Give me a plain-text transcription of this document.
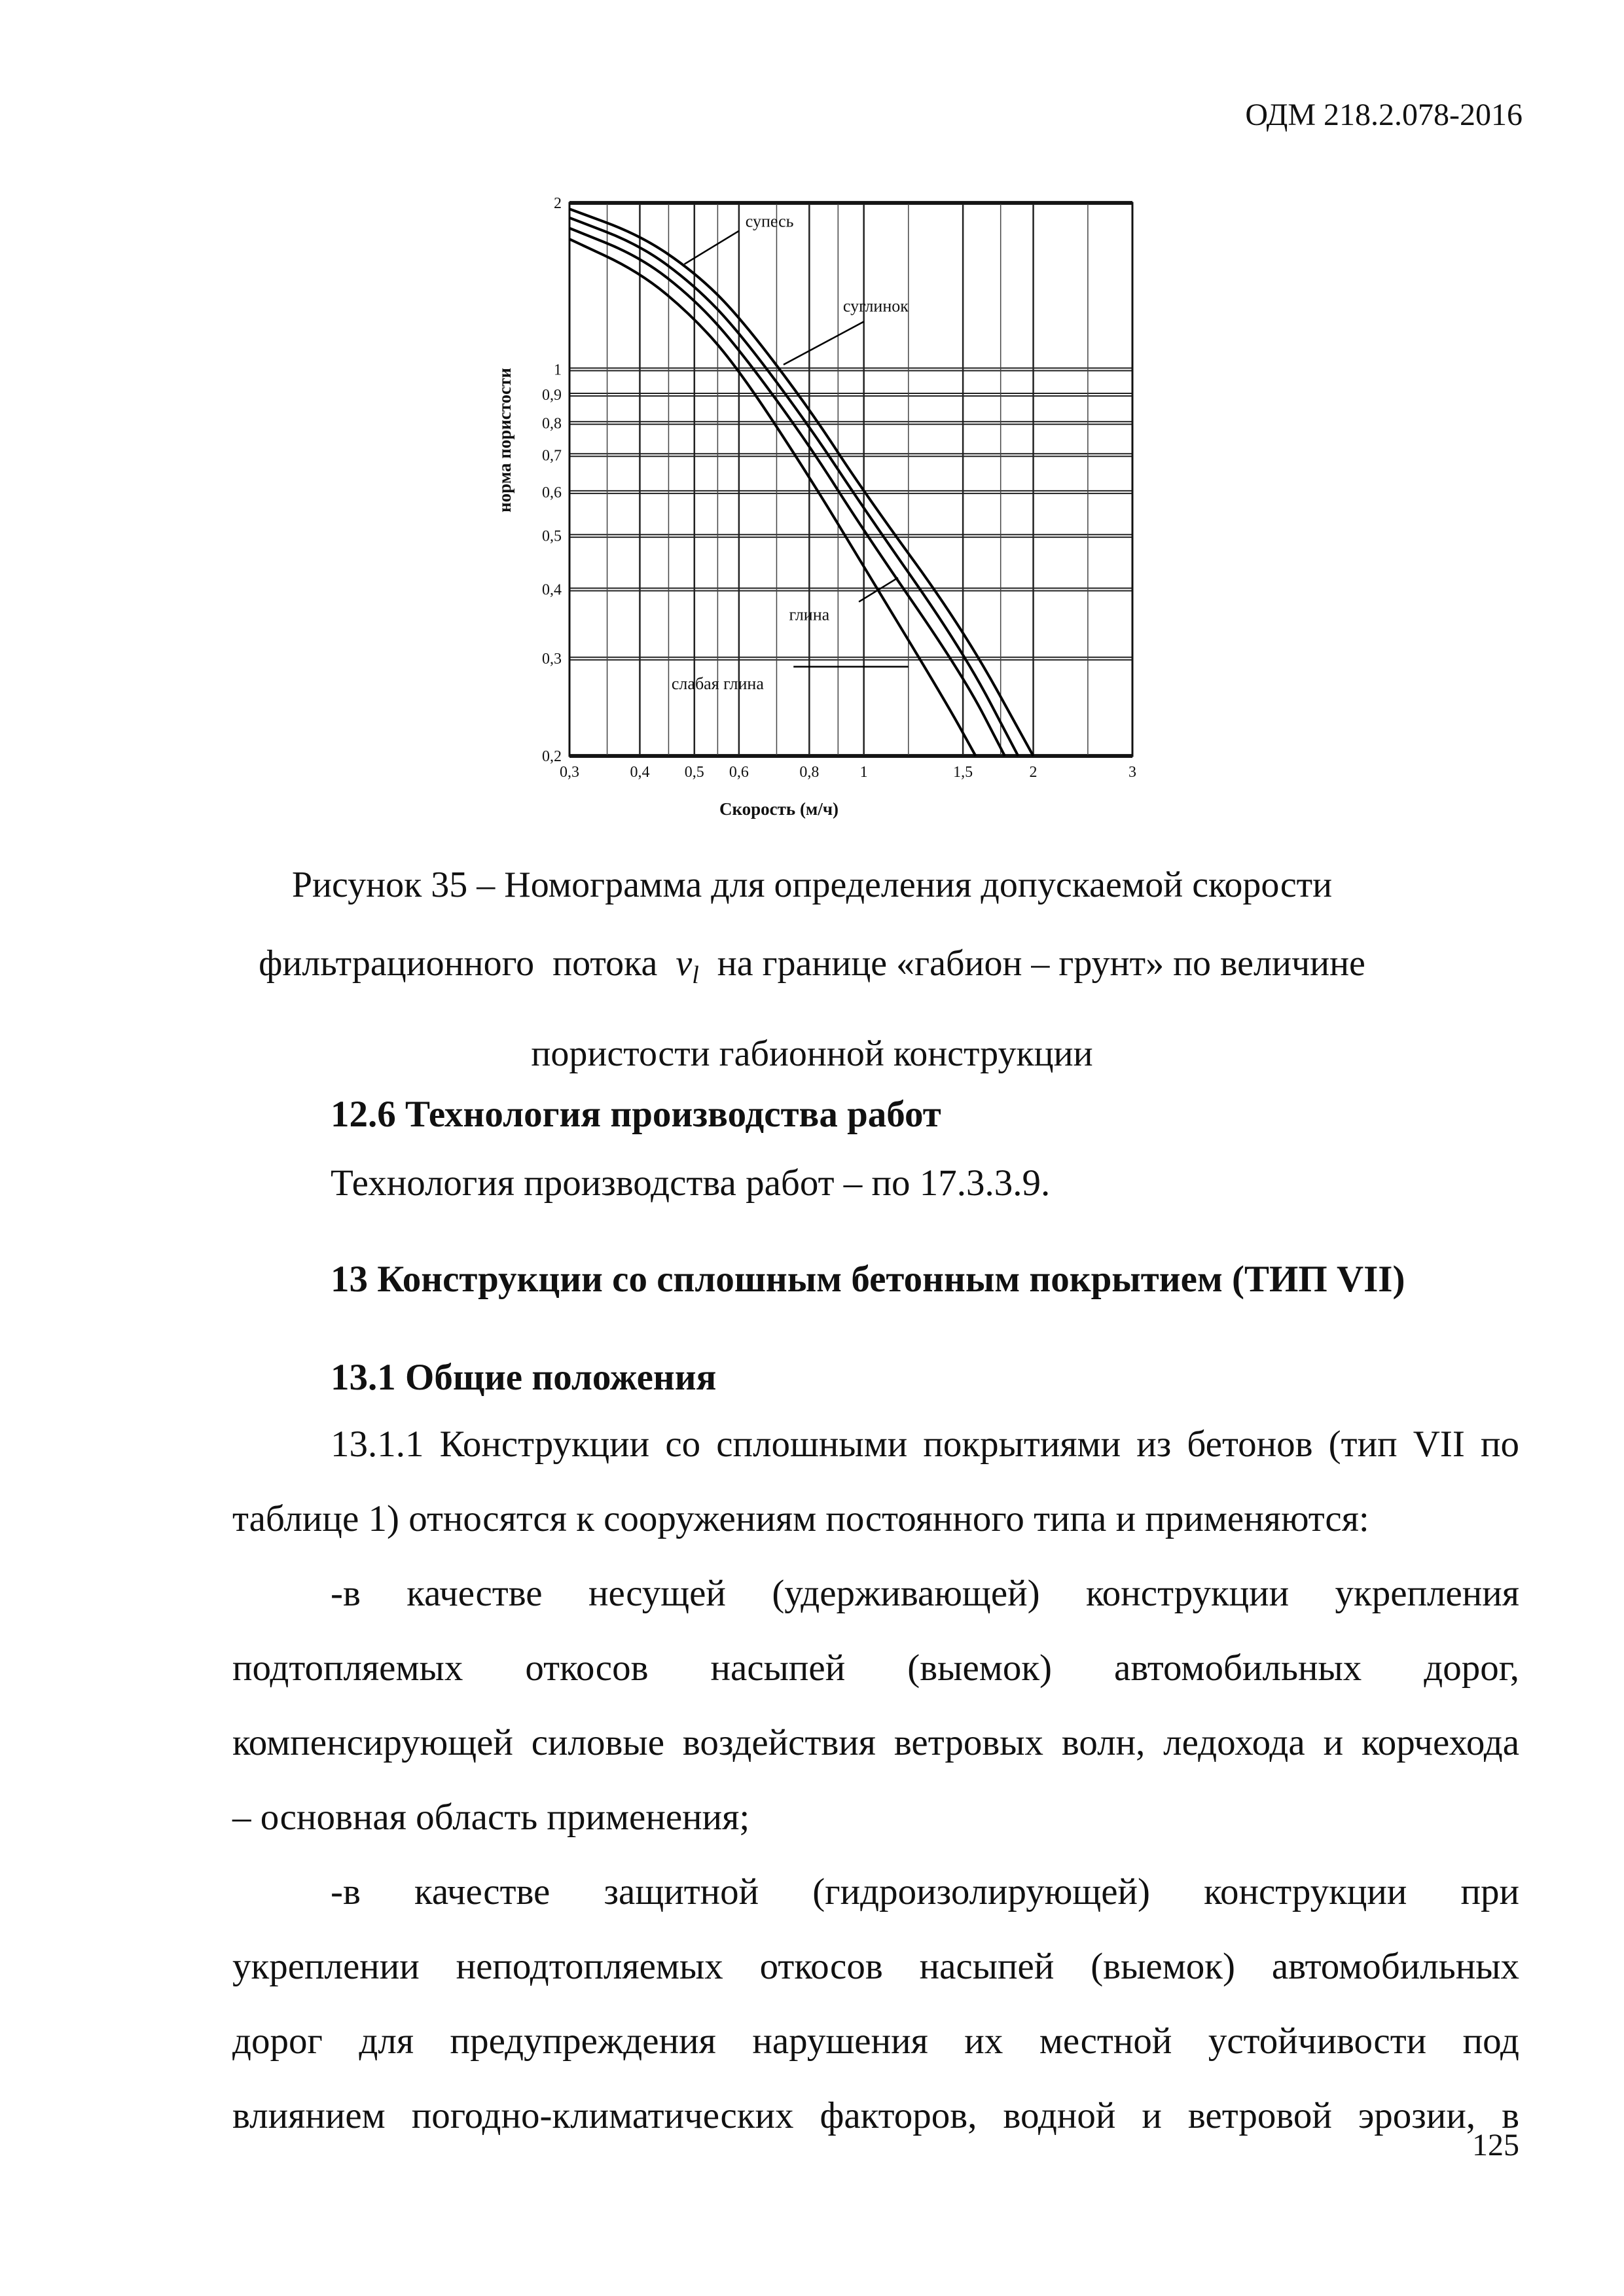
ОДМ 218.2.078-2016
0,2
0,3
0,4
0,5
0,6
0,7
0,8
0,9
1
2
0,3	0,4 0,5 0,6	0,8	1	1,5	2	3
Скорость (м/ч)
норма пористости
супесь
суглинок
глина
слабая глина
Рисунок 35 – Номограмма для определения допускаемой скорости
фильтрационного  потока  $v_l$  на границе «габион – грунт» по величине
пористости габионной конструкции
12.6 Технология производства работ
Технология производства работ – по 17.3.3.9.
13 Конструкции со сплошным бетонным покрытием (ТИП VII)
13.1 Общие положения
13.1.1 Конструкции со сплошными покрытиями из бетонов (тип VII по
таблице 1) относятся к сооружениям постоянного типа и применяются:
-в качестве несущей (удерживающей) конструкции укрепления
подтопляемых откосов насыпей (выемок) автомобильных дорог,
компенсирующей силовые воздействия ветровых волн, ледохода и корчехода
– основная область применения;
-в качестве защитной (гидроизолирующей) конструкции при
укреплении неподтопляемых откосов насыпей (выемок) автомобильных
дорог для предупреждения нарушения их местной устойчивости под
влиянием погодно-климатических факторов, водной и ветровой эрозии, в
125
